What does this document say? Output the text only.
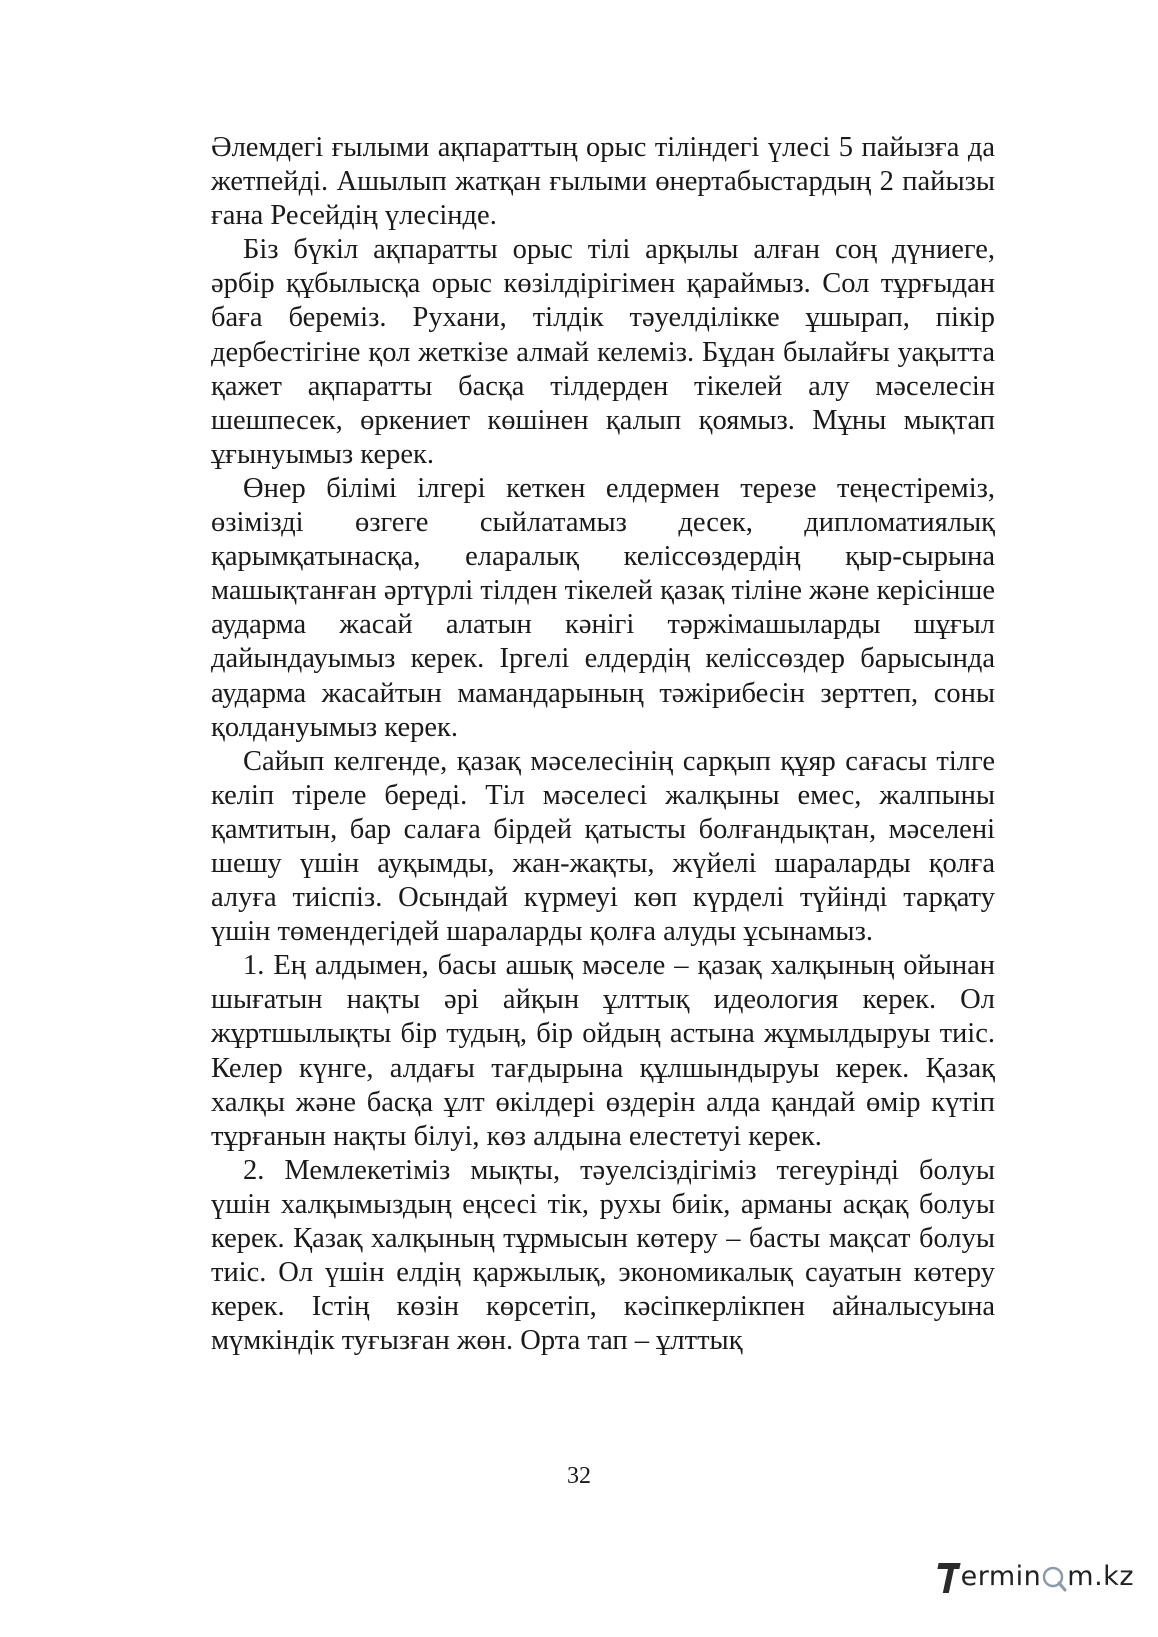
Әлемдегі ғылыми ақпараттың орыс тіліндегі үлесі 5 пайызға да жетпейді. Ашылып жатқан ғылыми өнертабыстардың 2 пайызы ғана Ресейдің үлесінде.

Біз бүкіл ақпаратты орыс тілі арқылы алған соң дүниеге, әрбір құбылысқа орыс көзілдірігімен қараймыз. Сол тұрғыдан баға береміз. Рухани, тілдік тәуелділікке ұшырап, пікір дербестігіне қол жеткізе алмай келеміз. Бұдан былайғы уақытта қажет ақпаратты басқа тілдерден тікелей алу мәселесін шешпесек, өркениет көшінен қалып қоямыз. Мұны мықтап ұғынуымыз керек.

Өнер білімі ілгері кеткен елдермен терезе теңестіреміз, өзімізді өзгеге сыйлатамыз десек, дипломатиялық қарымқатынасқа, еларалық келіссөздердің қыр-сырына машықтанған әртүрлі тілден тікелей қазақ тіліне және керісінше аударма жасай алатын кәнігі тәржімашыларды шұғыл дайындауымыз керек. Іргелі елдердің келіссөздер барысында аударма жасайтын мамандарының тәжірибесін зерттеп, соны қолдануымыз керек.

Сайып келгенде, қазақ мәселесінің сарқып құяр сағасы тілге келіп тіреле береді. Тіл мәселесі жалқыны емес, жалпыны қамтитын, бар салаға бірдей қатысты болғандықтан, мәселені шешу үшін ауқымды, жан-жақты, жүйелі шараларды қолға алуға тиіспіз. Осындай күрмеуі көп күрделі түйінді тарқату үшін төмендегідей шараларды қолға алуды ұсынамыз.

1. Ең алдымен, басы ашық мәселе – қазақ халқының ойынан шығатын нақты әрі айқын ұлттық идеология керек. Ол жұртшылықты бір тудың, бір ойдың астына жұмылдыруы тиіс. Келер күнге, алдағы тағдырына құлшындыруы керек. Қазақ халқы және басқа ұлт өкілдері өздерін алда қандай өмір күтіп тұрғанын нақты білуі, көз алдына елестетуі керек.

2. Мемлекетіміз мықты, тәуелсіздігіміз тегеурінді болуы үшін халқымыздың еңсесі тік, рухы биік, арманы асқақ болуы керек. Қазақ халқының тұрмысын көтеру – басты мақсат болуы тиіс. Ол үшін елдің қаржылық, экономикалық сауатын көтеру керек. Істің көзін көрсетіп, кәсіпкерлікпен айналысуына мүмкіндік туғызған жөн. Орта тап – ұлттық

32
ermin m.kz
